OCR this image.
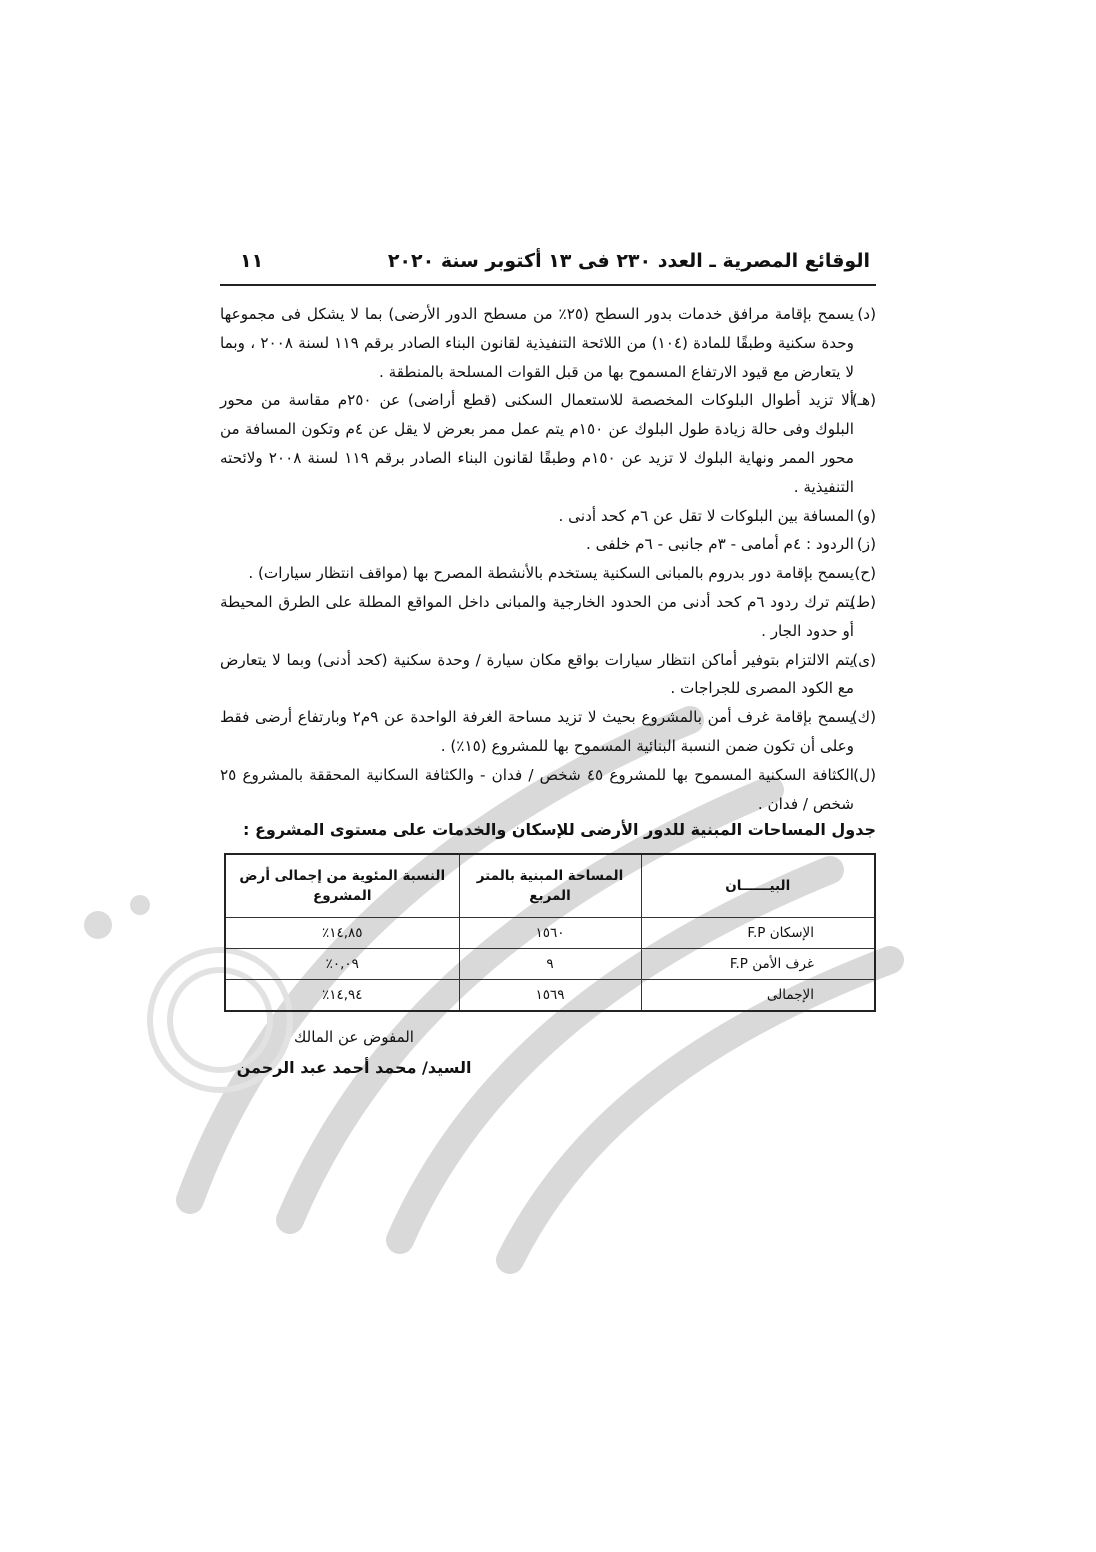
الوقائع المصرية ـ العدد ٢٣٠ فى ١٣ أكتوبر سنة ٢٠٢٠
١١
(د)
يسمح بإقامة مرافق خدمات بدور السطح (٢٥٪ من مسطح الدور الأرضى) بما لا يشكل فى مجموعها وحدة سكنية وطبقًا للمادة (١٠٤) من اللائحة التنفيذية لقانون البناء الصادر برقم ١١٩ لسنة ٢٠٠٨ ، وبما لا يتعارض مع قيود الارتفاع المسموح بها من قبل القوات المسلحة بالمنطقة .
(هـ)
ألا تزيد أطوال البلوكات المخصصة للاستعمال السكنى (قطع أراضى) عن ٢٥٠م مقاسة من محور البلوك وفى حالة زيادة طول البلوك عن ١٥٠م يتم عمل ممر بعرض لا يقل عن ٤م وتكون المسافة من محور الممر ونهاية البلوك لا تزيد عن ١٥٠م وطبقًا لقانون البناء الصادر برقم ١١٩ لسنة ٢٠٠٨ ولائحته التنفيذية .
(و)
المسافة بين البلوكات لا تقل عن ٦م كحد أدنى .
(ز)
الردود : ٤م أمامى - ٣م جانبى - ٦م خلفى .
(ح)
يسمح بإقامة دور بدروم بالمبانى السكنية يستخدم بالأنشطة المصرح بها (مواقف انتظار سيارات) .
(ط)
يتم ترك ردود ٦م كحد أدنى من الحدود الخارجية والمبانى داخل المواقع المطلة على الطرق المحيطة أو حدود الجار .
(ى)
يتم الالتزام بتوفير أماكن انتظار سيارات بواقع مكان سيارة / وحدة سكنية (كحد أدنى) وبما لا يتعارض مع الكود المصرى للجراجات .
(ك)
يسمح بإقامة غرف أمن بالمشروع بحيث لا تزيد مساحة الغرفة الواحدة عن ٩م٢ وبارتفاع أرضى فقط وعلى أن تكون ضمن النسبة البنائية المسموح بها للمشروع (١٥٪) .
(ل)
الكثافة السكنية المسموح بها للمشروع ٤٥ شخص / فدان - والكثافة السكانية المحققة بالمشروع ٢٥ شخص / فدان .
جدول المساحات المبنية للدور الأرضى للإسكان والخدمات على مستوى المشروع :
البيــــــان	المساحة المبنية بالمتر المربع	النسبة المئوية من إجمالى أرض المشروع
الإسكان F.P	١٥٦٠	١٤,٨٥٪
غرف الأمن F.P	٩	٠,٠٩٪
الإجمالى	١٥٦٩	١٤,٩٤٪
المفوض عن المالك
السيد/ محمد أحمد عبد الرحمن
